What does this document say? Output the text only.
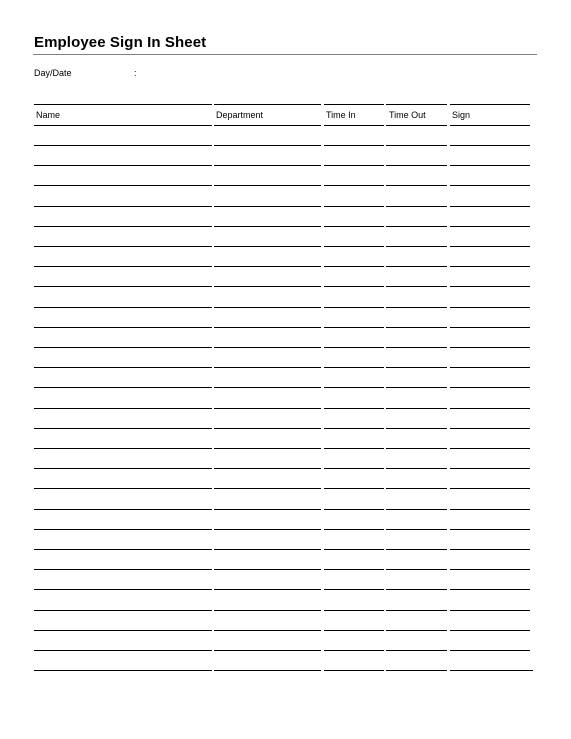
Employee Sign In Sheet
Day/Date	:
Name	Department	Time In	Time Out	Sign
